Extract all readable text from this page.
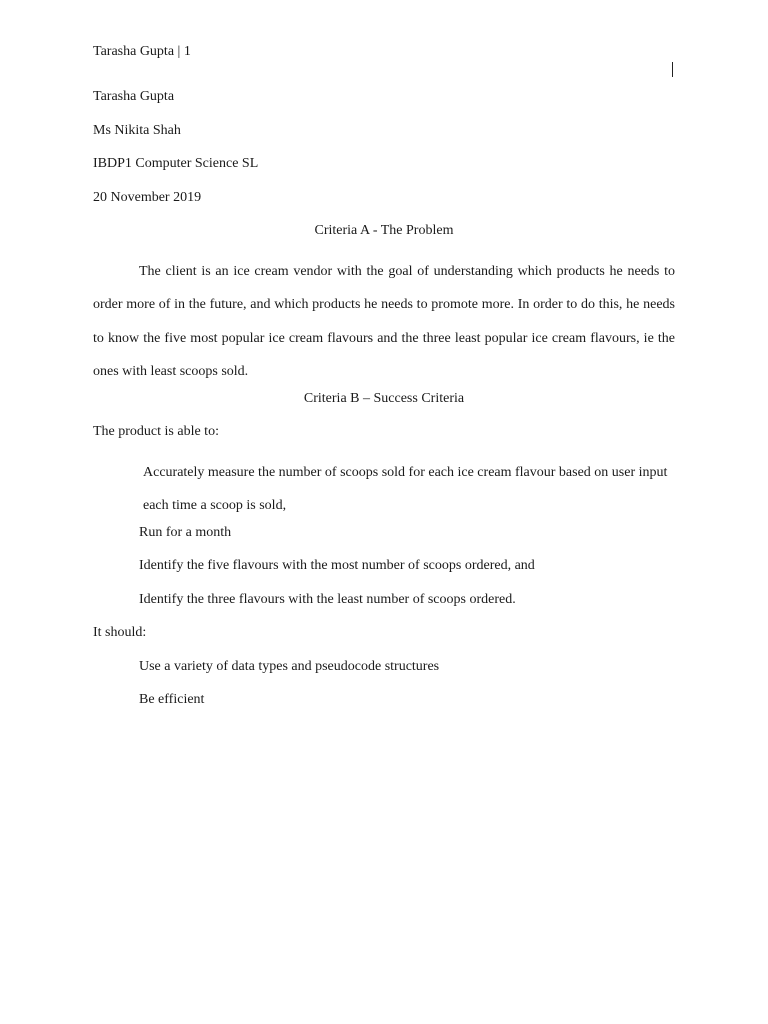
Tarasha Gupta | 1
Tarasha Gupta
Ms Nikita Shah
IBDP1 Computer Science SL
20 November 2019
Criteria A - The Problem

The client is an ice cream vendor with the goal of understanding which products he needs to order more of in the future, and which products he needs to promote more. In order to do this, he needs to know the five most popular ice cream flavours and the three least popular ice cream flavours, ie the ones with least scoops sold.

Criteria B – Success Criteria
The product is able to:
Accurately measure the number of scoops sold for each ice cream flavour based on user input each time a scoop is sold,
Run for a month
Identify the five flavours with the most number of scoops ordered, and
Identify the three flavours with the least number of scoops ordered.
It should:
Use a variety of data types and pseudocode structures
Be efficient
